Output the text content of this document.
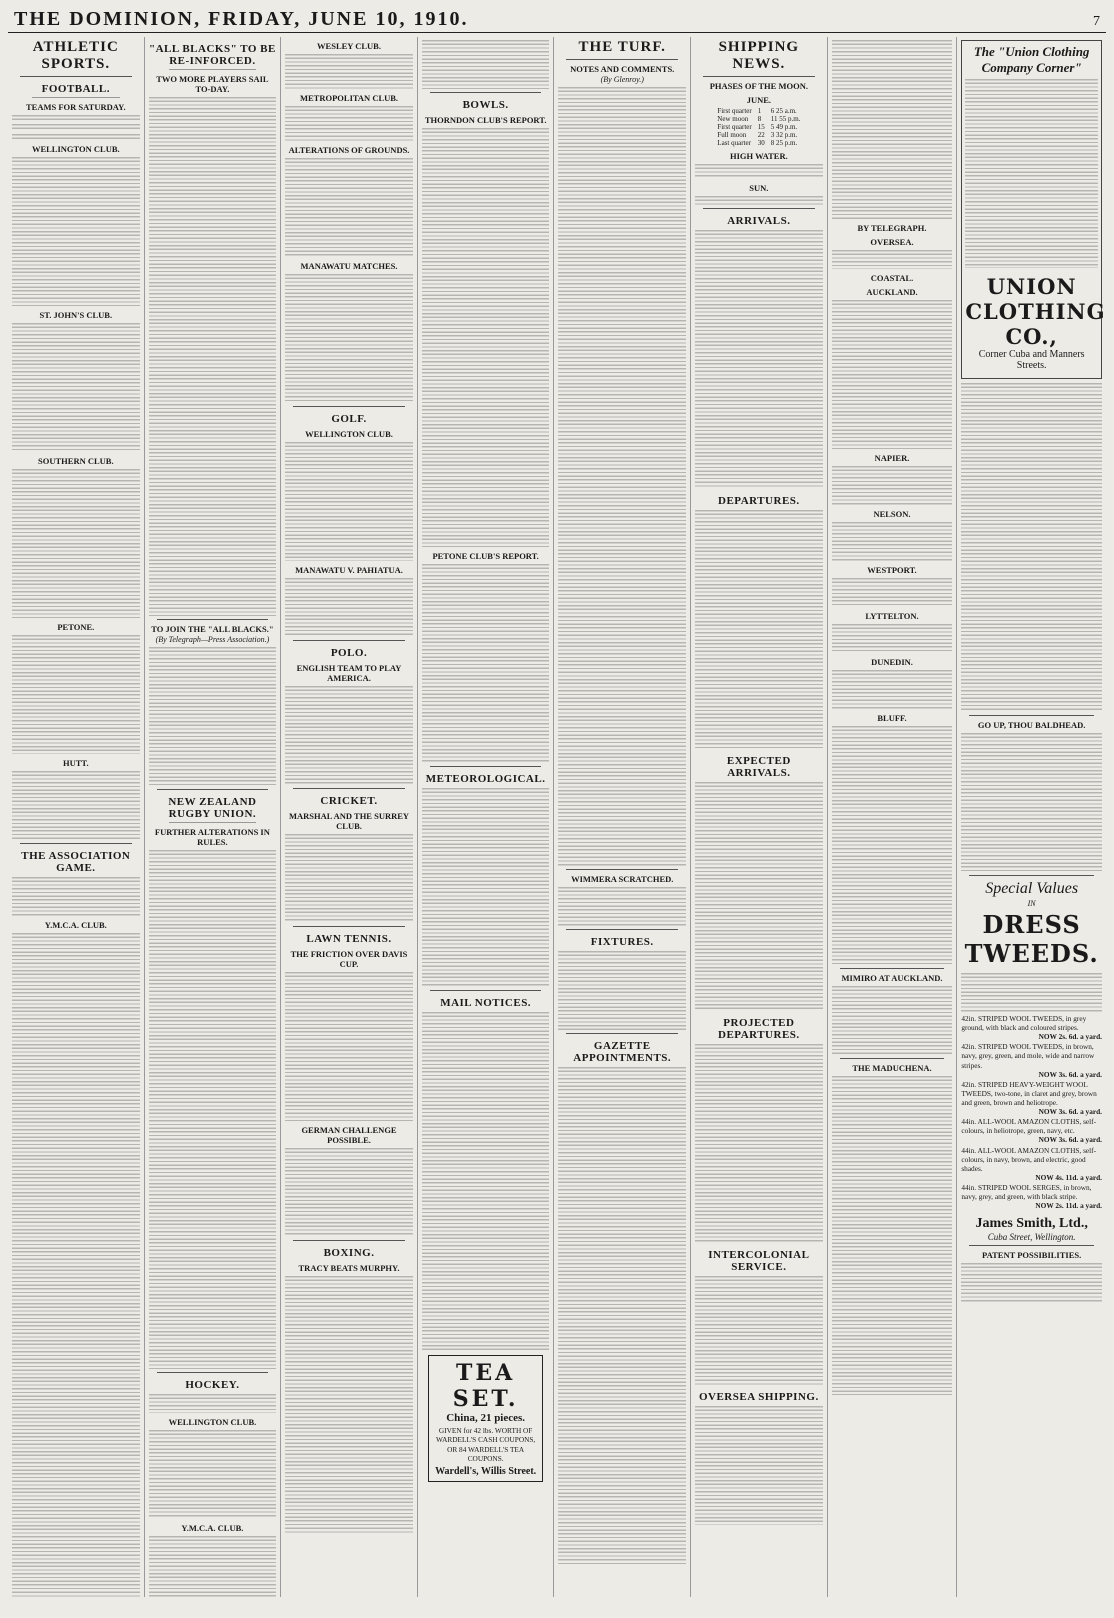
THE DOMINION, FRIDAY, JUNE 10, 1910.	7
ATHLETIC SPORTS.
FOOTBALL.
TEAMS FOR SATURDAY.
WELLINGTON CLUB.
ST. JOHN'S CLUB.
SOUTHERN CLUB.
PETONE.
HUTT.
THE ASSOCIATION GAME.
Y.M.C.A. CLUB.
"ALL BLACKS" TO BE RE-INFORCED.
TWO MORE PLAYERS SAIL TO-DAY.
TO JOIN THE "ALL BLACKS."
(By Telegraph—Press Association.)
NEW ZEALAND RUGBY UNION.
FURTHER ALTERATIONS IN RULES.
HOCKEY.
WELLINGTON CLUB.
Y.M.C.A. CLUB.
WESLEY CLUB.
METROPOLITAN CLUB.
ALTERATIONS OF GROUNDS.
MANAWATU MATCHES.
GOLF.
WELLINGTON CLUB.
MANAWATU V. PAHIATUA.
POLO.
ENGLISH TEAM TO PLAY AMERICA.
CRICKET.
MARSHAL AND THE SURREY CLUB.
LAWN TENNIS.
THE FRICTION OVER DAVIS CUP.
GERMAN CHALLENGE POSSIBLE.
BOXING.
TRACY BEATS MURPHY.
BOWLS.
THORNDON CLUB'S REPORT.
PETONE CLUB'S REPORT.
METEOROLOGICAL.
MAIL NOTICES.
TEA SET.
China, 21 pieces.
GIVEN for 42 lbs. WORTH OF WARDELL'S CASH COUPONS, OR 84 WARDELL'S TEA COUPONS.
Wardell's, Willis Street.
THE TURF.
NOTES AND COMMENTS.
(By Glenroy.)
WIMMERA SCRATCHED.
FIXTURES.
GAZETTE APPOINTMENTS.
SHIPPING NEWS.
PHASES OF THE MOON.
JUNE.
First quarter	1	6 25 a.m.
New moon	8	11 55 p.m.
First quarter	15	5 49 p.m.
Full moon	22	3 32 p.m.
Last quarter	30	8 25 p.m.
HIGH WATER.
SUN.
ARRIVALS.
DEPARTURES.
EXPECTED ARRIVALS.
PROJECTED DEPARTURES.
INTERCOLONIAL SERVICE.
OVERSEA SHIPPING.
BY TELEGRAPH.
OVERSEA.
COASTAL.
AUCKLAND.
NAPIER.
NELSON.
WESTPORT.
LYTTELTON.
DUNEDIN.
BLUFF.
MIMIRO AT AUCKLAND.
THE MADUCHENA.
The "Union Clothing Company Corner"
UNION CLOTHING CO.,
Corner Cuba and Manners Streets.
GO UP, THOU BALDHEAD.
Special Values
IN
DRESS TWEEDS.
42in. STRIPED WOOL TWEEDS, in grey ground, with black and coloured stripes.
NOW 2s. 6d. a yard.
42in. STRIPED WOOL TWEEDS, in brown, navy, grey, green, and mole, wide and narrow stripes.
NOW 3s. 6d. a yard.
42in. STRIPED HEAVY-WEIGHT WOOL TWEEDS, two-tone, in claret and grey, brown and green, brown and heliotrope.
NOW 3s. 6d. a yard.
44in. ALL-WOOL AMAZON CLOTHS, self-colours, in heliotrope, green, navy, etc.
NOW 3s. 6d. a yard.
44in. ALL-WOOL AMAZON CLOTHS, self-colours, in navy, brown, and electric, good shades.
NOW 4s. 11d. a yard.
44in. STRIPED WOOL SERGES, in brown, navy, grey, and green, with black stripe.
NOW 2s. 11d. a yard.
James Smith, Ltd.,
Cuba Street, Wellington.
PATENT POSSIBILITIES.
